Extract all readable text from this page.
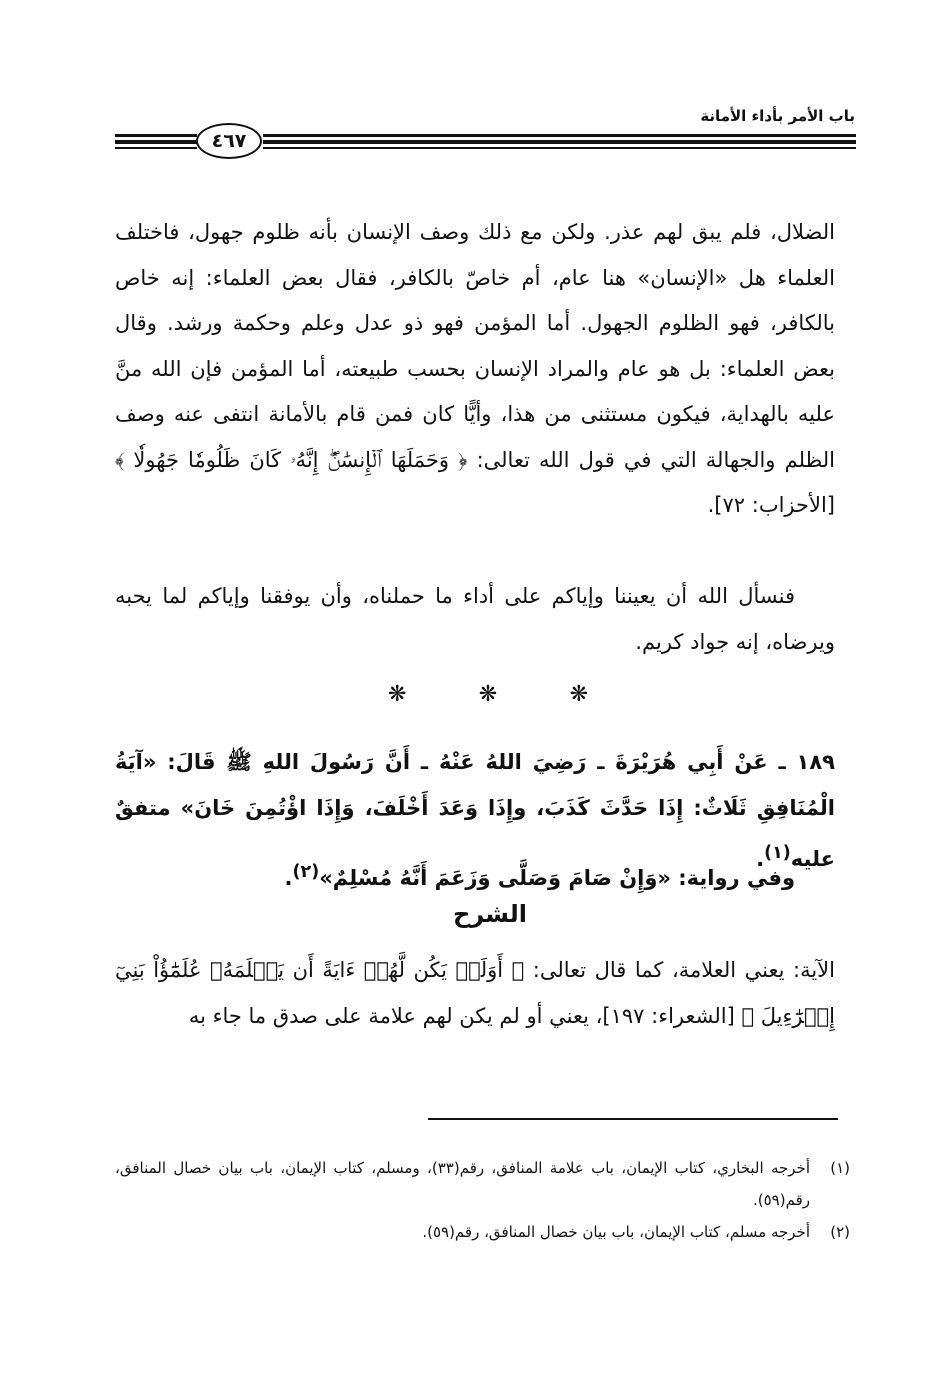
باب الأمر بأداء الأمانة
٤٦٧
الضلال، فلم يبق لهم عذر. ولكن مع ذلك وصف الإنسان بأنه ظلوم جهول، فاختلف العلماء هل «الإنسان» هنا عام، أم خاصّ بالكافر، فقال بعض العلماء: إنه خاص بالكافر، فهو الظلوم الجهول. أما المؤمن فهو ذو عدل وعلم وحكمة ورشد. وقال بعض العلماء: بل هو عام والمراد الإنسان بحسب طبيعته، أما المؤمن فإن الله منَّ عليه بالهداية، فيكون مستثنى من هذا، وأيًّا كان فمن قام بالأمانة انتفى عنه وصف الظلم والجهالة التي في قول الله تعالى: ﴿ وَحَمَلَهَا ٱلۡإِنسَٰنُۖ إِنَّهُۥ كَانَ ظَلُومٗا جَهُولٗا ﴾ [الأحزاب: ٧٢].
فنسأل الله أن يعيننا وإياكم على أداء ما حملناه، وأن يوفقنا وإياكم لما يحبه ويرضاه، إنه جواد كريم.
❋	❋	❋
١٨٩ ـ عَنْ أَبِي هُرَيْرَةَ ـ رَضِيَ اللهُ عَنْهُ ـ أَنَّ رَسُولَ اللهِ ﷺ قَالَ: «آيَةُ الْمُنَافِقِ ثَلَاثٌ: إِذَا حَدَّثَ كَذَبَ، وإِذَا وَعَدَ أَخْلَفَ، وَإِذَا اؤْتُمِنَ خَانَ» متفقٌ عليه$^{(١)}$.
وفي رواية: «وَإِنْ صَامَ وَصَلَّى وَزَعَمَ أَنَّهُ مُسْلِمٌ»$^{(٢)}$.
الشرح
الآية: يعني العلامة، كما قال تعالى: ﴿ أَوَلَمۡ يَكُن لَّهُمۡ ءَايَةً أَن يَعۡلَمَهُۥ عُلَمَٰٓؤُاْ بَنِيٓ إِسۡرَٰٓءِيلَ ﴾ [الشعراء: ١٩٧]، يعني أو لم يكن لهم علامة على صدق ما جاء به
(١)
أخرجه البخاري، كتاب الإيمان، باب علامة المنافق، رقم(٣٣)، ومسلم، كتاب الإيمان، باب بيان خصال المنافق، رقم(٥٩).
(٢)
أخرجه مسلم، كتاب الإيمان، باب بيان خصال المنافق، رقم(٥٩).
